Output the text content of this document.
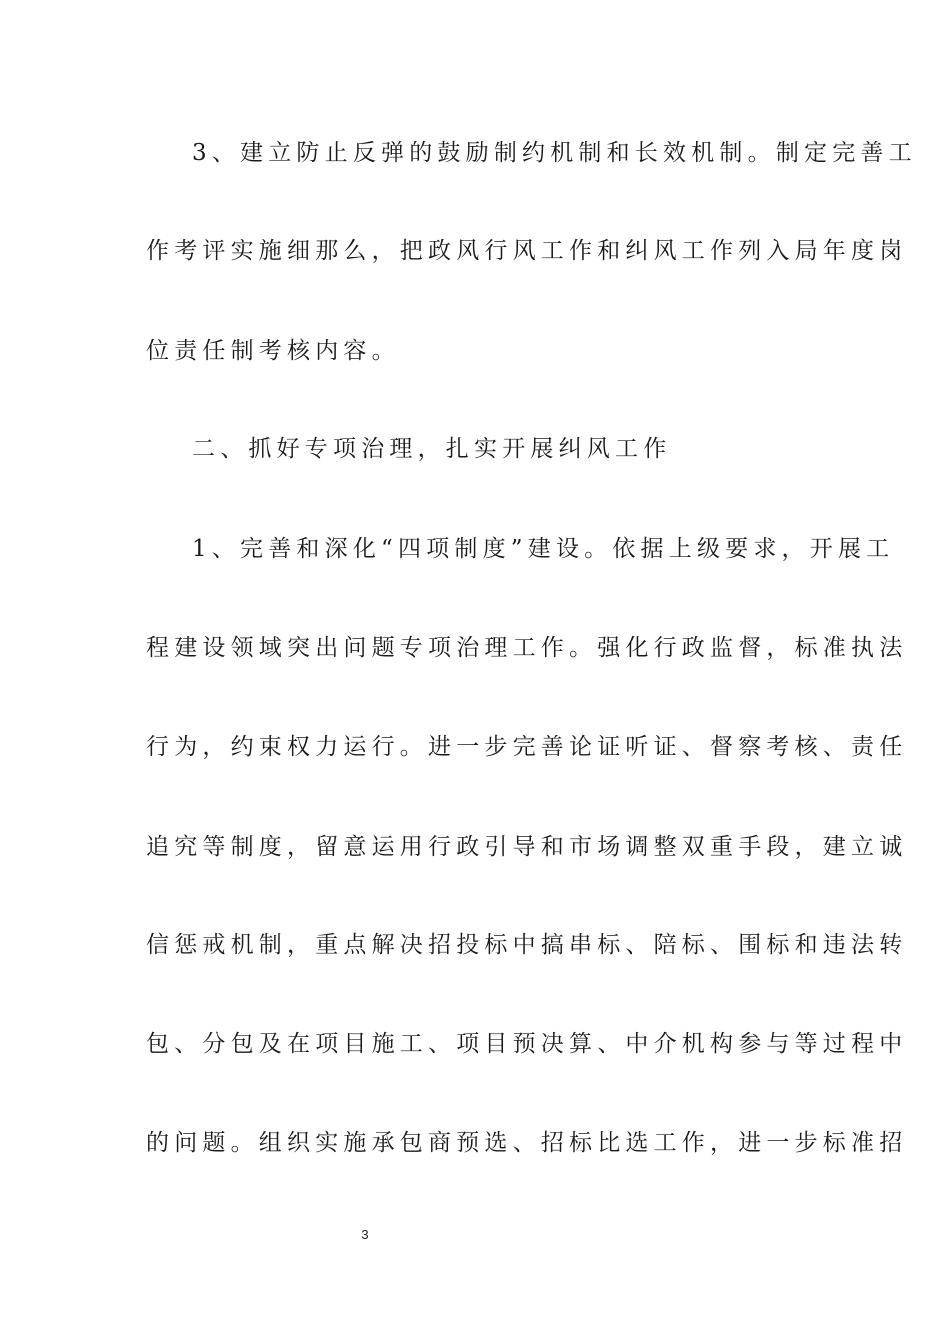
3、建立防止反弹的鼓励制约机制和长效机制。制定完善工
作考评实施细那么，把政风行风工作和纠风工作列入局年度岗
位责任制考核内容。
二、抓好专项治理，扎实开展纠风工作
1、完善和深化“四项制度”建设。依据上级要求，开展工
程建设领域突出问题专项治理工作。强化行政监督，标准执法
行为，约束权力运行。进一步完善论证听证、督察考核、责任
追究等制度，留意运用行政引导和市场调整双重手段，建立诚
信惩戒机制，重点解决招投标中搞串标、陪标、围标和违法转
包、分包及在项目施工、项目预决算、中介机构参与等过程中
的问题。组织实施承包商预选、招标比选工作，进一步标准招
3
